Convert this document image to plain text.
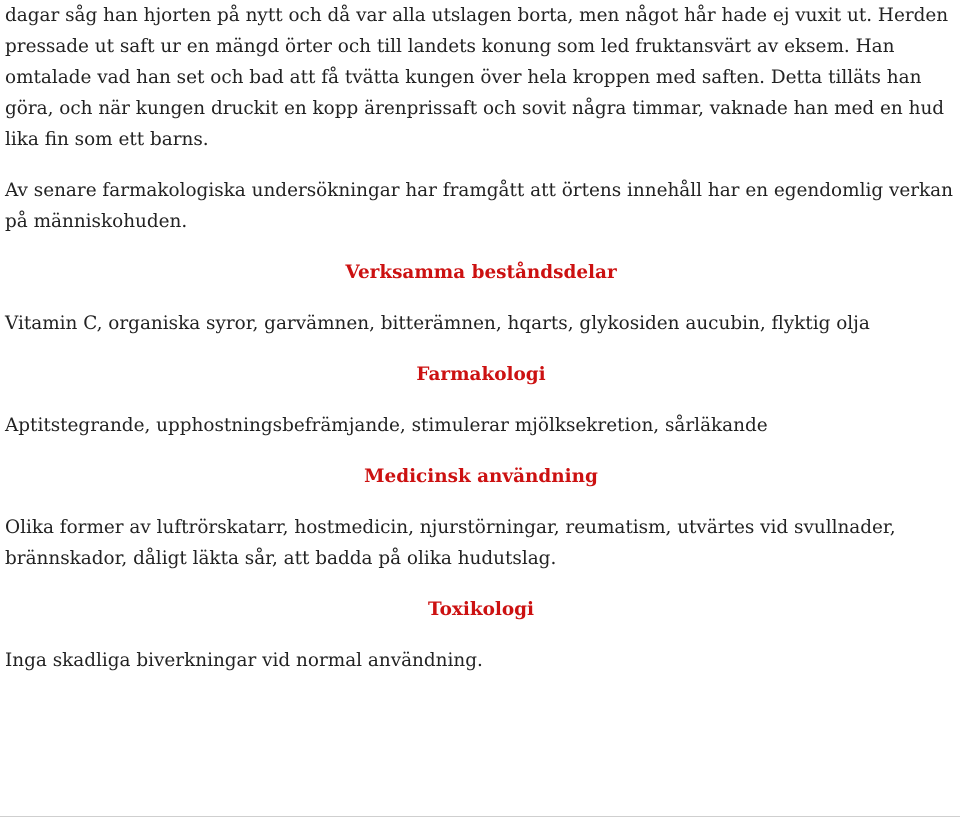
dagar såg han hjorten på nytt och då var alla utslagen borta, men något hår hade ej vuxit ut. Herden pressade ut saft ur en mängd örter och till landets konung som led fruktansvärt av eksem. Han omtalade vad han set och bad att få tvätta kungen över hela kroppen med saften. Detta tilläts han göra, och när kungen druckit en kopp ärenprissaft och sovit några timmar, vaknade han med en hud lika fin som ett barns.

Av senare farmakologiska undersökningar har framgått att örtens innehåll har en egendomlig verkan på människohuden.

Verksamma beståndsdelar

Vitamin C, organiska syror, garvämnen, bitterämnen, hqarts, glykosiden aucubin, flyktig olja

Farmakologi

Aptitstegrande, upphostningsbefrämjande, stimulerar mjölksekretion, sårläkande

Medicinsk användning

Olika former av luftrörskatarr, hostmedicin, njurstörningar, reumatism, utvärtes vid svullnader, brännskador, dåligt läkta sår, att badda på olika hudutslag.

Toxikologi

Inga skadliga biverkningar vid normal användning.
